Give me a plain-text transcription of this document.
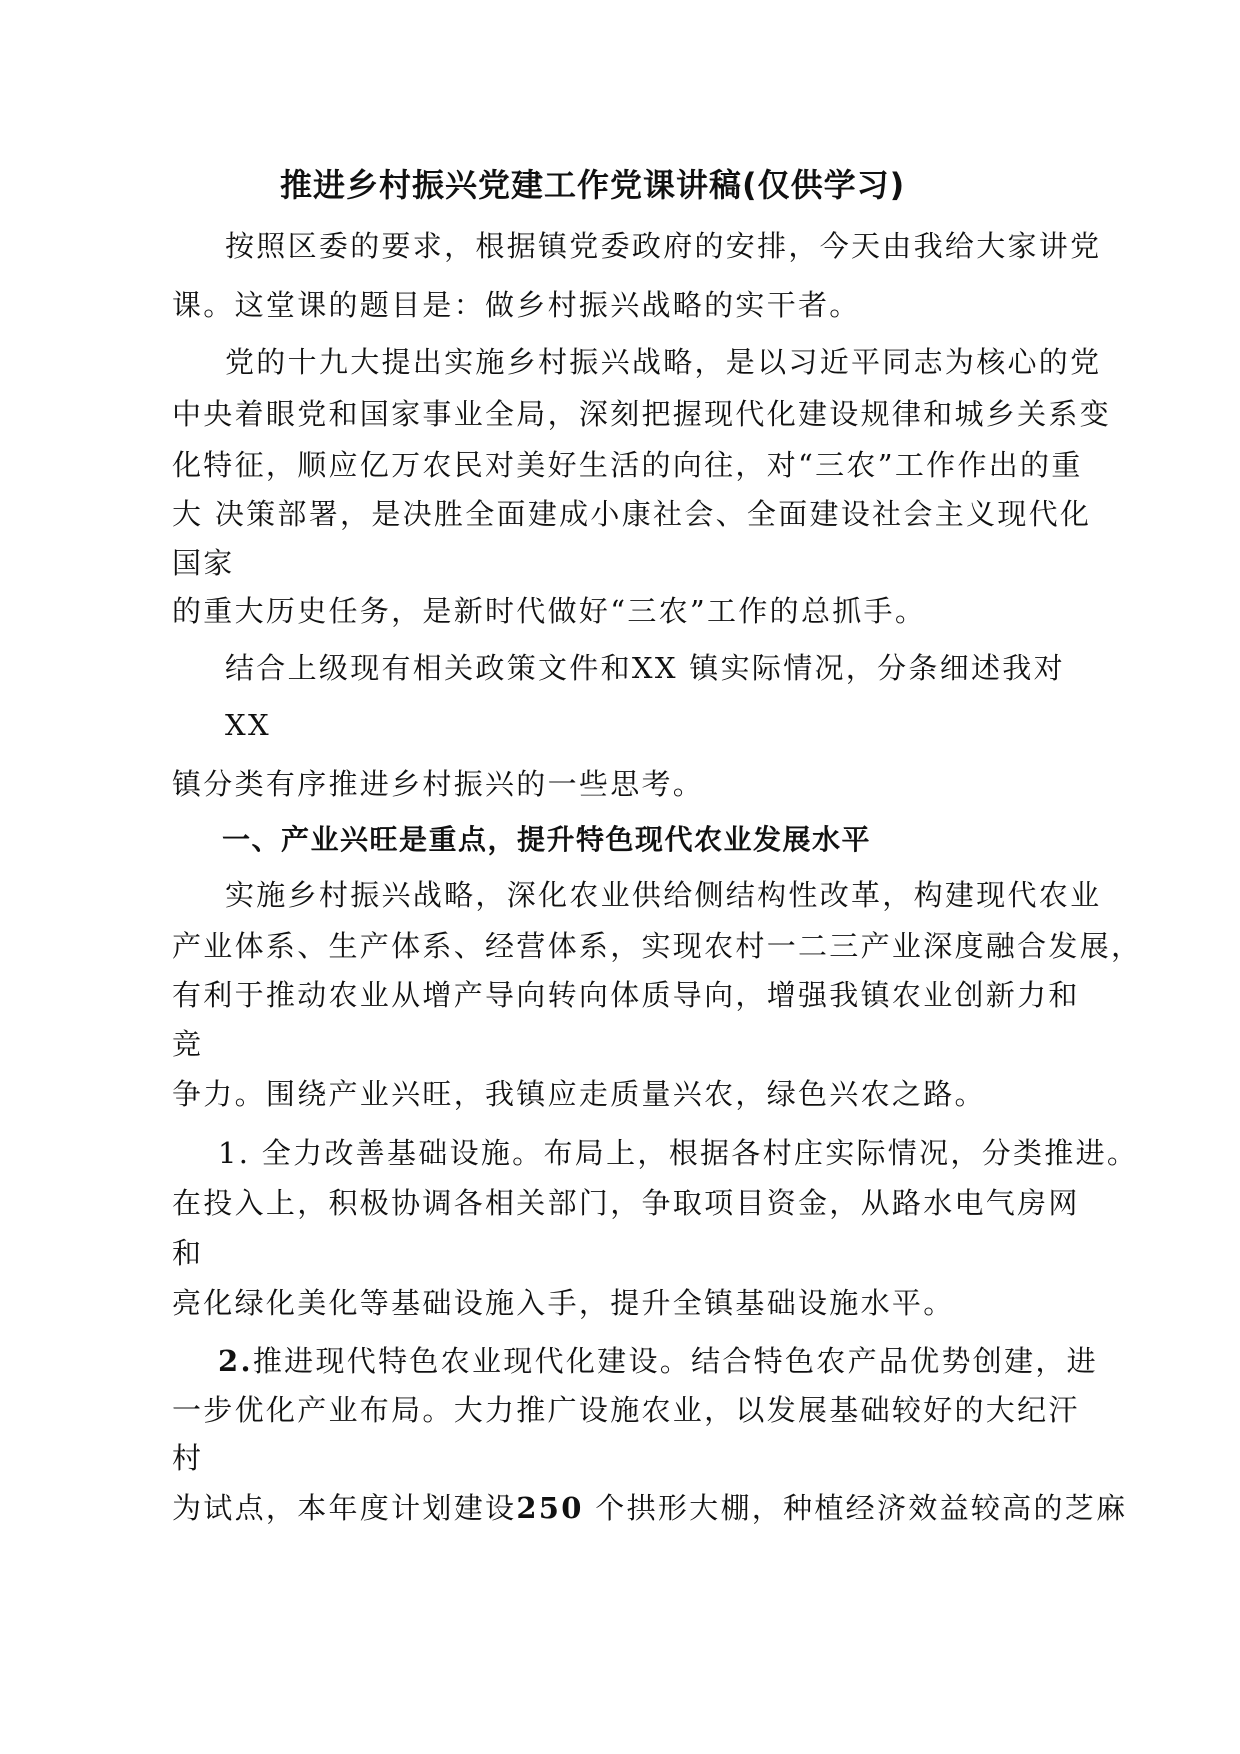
推进乡村振兴党建工作党课讲稿(仅供学习)
按照区委的要求，根据镇党委政府的安排，今天由我给大家讲党
课。这堂课的题目是：做乡村振兴战略的实干者。
党的十九大提出实施乡村振兴战略，是以习近平同志为核心的党
中央着眼党和国家事业全局，深刻把握现代化建设规律和城乡关系变
化特征，顺应亿万农民对美好生活的向往，对“三农”工作作出的重
大 决策部署，是决胜全面建成小康社会、全面建设社会主义现代化
国家
的重大历史任务，是新时代做好“三农”工作的总抓手。
结合上级现有相关政策文件和XX 镇实际情况，分条细述我对
XX
镇分类有序推进乡村振兴的一些思考。
一、产业兴旺是重点，提升特色现代农业发展水平
实施乡村振兴战略，深化农业供给侧结构性改革，构建现代农业
产业体系、生产体系、经营体系，实现农村一二三产业深度融合发展，
有利于推动农业从增产导向转向体质导向，增强我镇农业创新力和
竞
争力。围绕产业兴旺，我镇应走质量兴农，绿色兴农之路。
1. 全力改善基础设施。布局上，根据各村庄实际情况，分类推进。
在投入上，积极协调各相关部门，争取项目资金，从路水电气房网
和
亮化绿化美化等基础设施入手，提升全镇基础设施水平。
2.推进现代特色农业现代化建设。结合特色农产品优势创建，进
一步优化产业布局。大力推广设施农业，以发展基础较好的大纪汗
村
为试点，本年度计划建设250 个拱形大棚，种植经济效益较高的芝麻
